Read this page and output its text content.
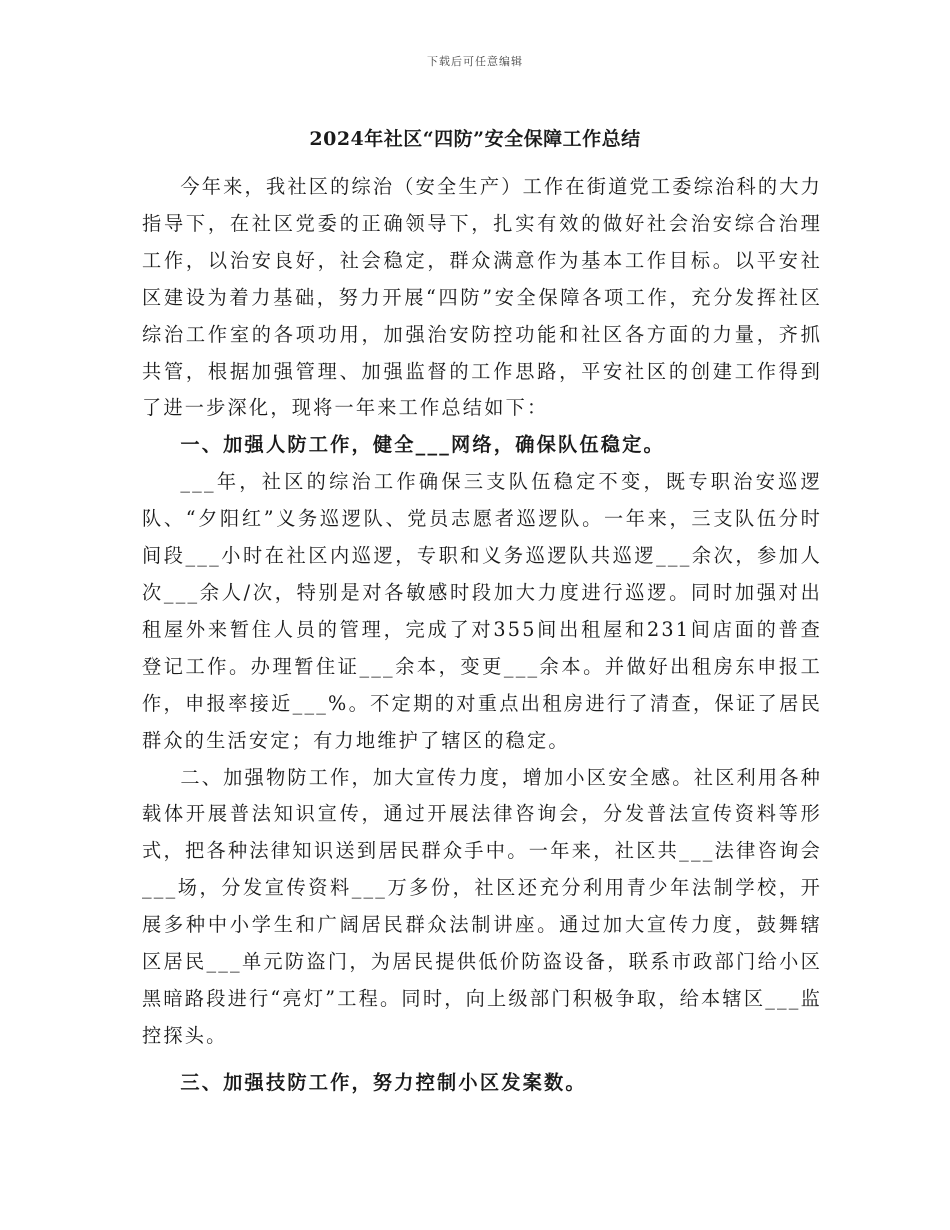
下载后可任意编辑
2024年社区“四防”安全保障工作总结

今年来，我社区的综治（安全生产）工作在街道党工委综治科的大力指导下，在社区党委的正确领导下，扎实有效的做好社会治安综合治理工作，以治安良好，社会稳定，群众满意作为基本工作目标。以平安社区建设为着力基础，努力开展“四防”安全保障各项工作，充分发挥社区综治工作室的各项功用，加强治安防控功能和社区各方面的力量，齐抓共管，根据加强管理、加强监督的工作思路，平安社区的创建工作得到了进一步深化，现将一年来工作总结如下：

一、加强人防工作，健全___网络，确保队伍稳定。

___年，社区的综治工作确保三支队伍稳定不变，既专职治安巡逻队、“夕阳红”义务巡逻队、党员志愿者巡逻队。一年来，三支队伍分时间段___小时在社区内巡逻，专职和义务巡逻队共巡逻___余次，参加人次___余人/次，特别是对各敏感时段加大力度进行巡逻。同时加强对出租屋外来暂住人员的管理，完成了对355间出租屋和231间店面的普查登记工作。办理暂住证___余本，变更___余本。并做好出租房东申报工作，申报率接近___%。不定期的对重点出租房进行了清查，保证了居民群众的生活安定；有力地维护了辖区的稳定。

二、加强物防工作，加大宣传力度，增加小区安全感。社区利用各种载体开展普法知识宣传，通过开展法律咨询会，分发普法宣传资料等形式，把各种法律知识送到居民群众手中。一年来，社区共___法律咨询会___场，分发宣传资料___万多份，社区还充分利用青少年法制学校，开展多种中小学生和广阔居民群众法制讲座。通过加大宣传力度，鼓舞辖区居民___单元防盗门，为居民提供低价防盗设备，联系市政部门给小区黑暗路段进行“亮灯”工程。同时，向上级部门积极争取，给本辖区___监控探头。

三、加强技防工作，努力控制小区发案数。
